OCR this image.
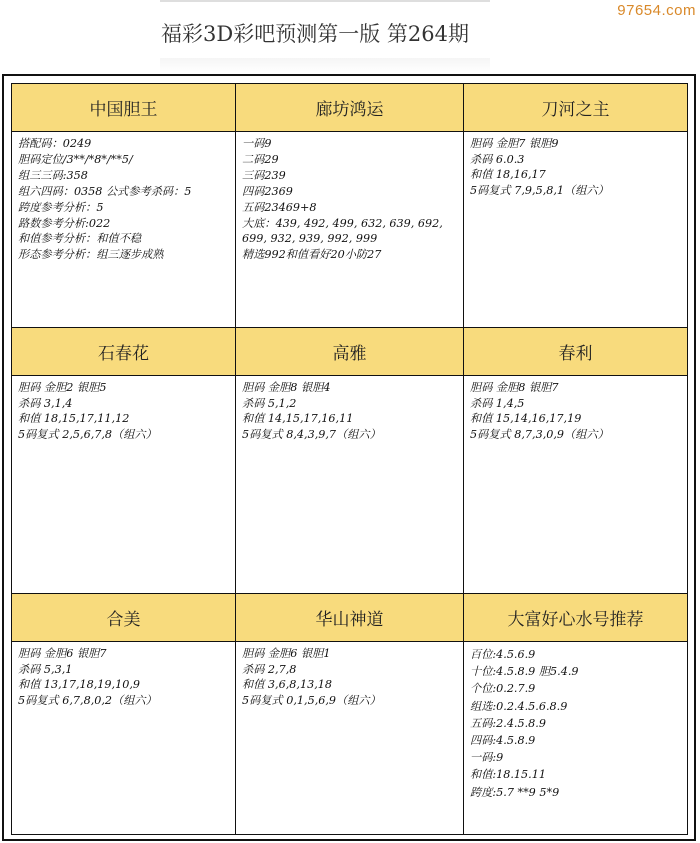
97654.com
福彩3D彩吧预测第一版 第264期
中国胆王
搭配码：0249
胆码定位/3**/*8*/**5/
组三三码:358
组六四码：0358 公式参考杀码：5
跨度参考分析：5
路数参考分析:022
和值参考分析：和值不稳
形态参考分析：组三逐步成熟
廊坊鸿运
一码9
二码29
三码239
四码2369
五码23469+8
大底：439, 492, 499, 632, 639, 692,
699, 932, 939, 992, 999
精选992和值看好20小防27
刀河之主
胆码 金胆7 银胆9
杀码 6.0.3
和值 18,16,17
5码复式 7,9,5,8,1（组六）
石春花
胆码 金胆2 银胆5
杀码 3,1,4
和值 18,15,17,11,12
5码复式 2,5,6,7,8（组六）
高雅
胆码 金胆8 银胆4
杀码 5,1,2
和值 14,15,17,16,11
5码复式 8,4,3,9,7（组六）
春利
胆码 金胆8 银胆7
杀码 1,4,5
和值 15,14,16,17,19
5码复式 8,7,3,0,9（组六）
合美
胆码 金胆6 银胆7
杀码 5,3,1
和值 13,17,18,19,10,9
5码复式 6,7,8,0,2（组六）
华山神道
胆码 金胆6 银胆1
杀码 2,7,8
和值 3,6,8,13,18
5码复式 0,1,5,6,9（组六）
大富好心水号推荐
百位:4.5.6.9
十位:4.5.8.9 胆5.4.9
个位:0.2.7.9
组选:0.2.4.5.6.8.9
五码:2.4.5.8.9
四码:4.5.8.9
一码:9
和值:18.15.11
跨度:5.7 **9 5*9
